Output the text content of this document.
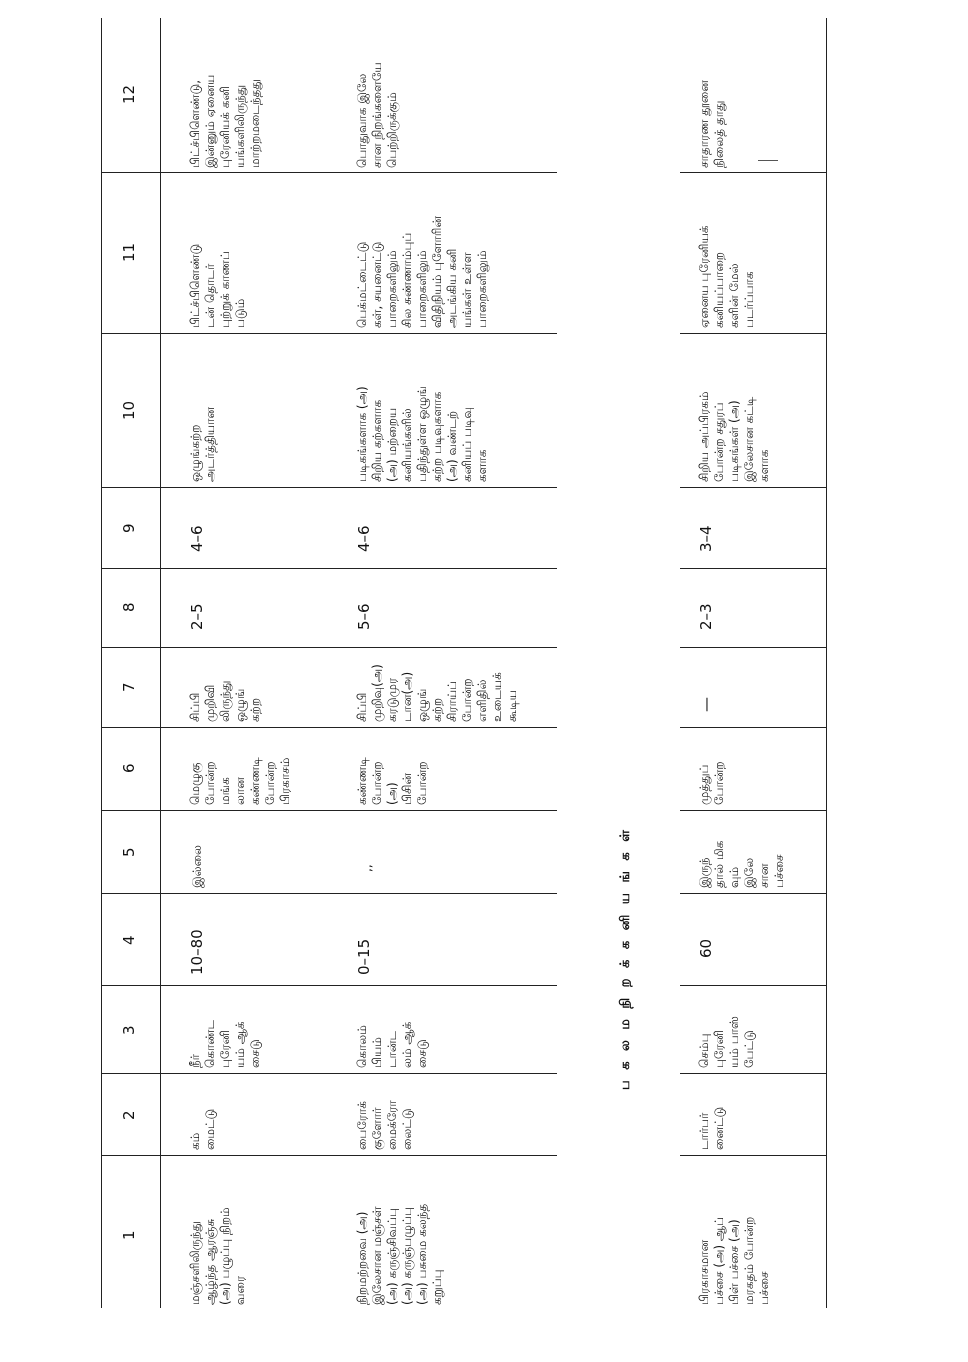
12
11
10
9
8
7
6
5
4
3
2
1
பிட்ச்பிளெண்டு,
இன்னும் ஏனைய
புரேனியக் கனி
யங்களிலிருந்து
மாற்றமடைந்தது
பிட்ச்பிளெண்டு
டன் தொடர்
புற்றுக் காணப்
படும்
ஒழுங்கற்ற
அடர்த்தியான
4–6
2–5
சிப்பி
முறிவி
லிருந்து
ஒழுங்
கற்ற
மெழுகு
போன்ற
மங்க
லான
கண்ணடி
போன்ற
பிரகாசம்
இல்லை
10–80
நீர்
கொண்ட
புரேனி
யம் ஆக்
சைடு
கம்
மைட்டு
மஞ்சளிலிருந்து
ஆழ்ந்த ஆரஞ்சு
(அ) பழுப்பு நிறம்
வரை
பொதுவாக இலே
சான நிறங்களையே
பெற்றிருக்கும்
பெக்மட்டைட்டு
கள், சயனைட்டு
பாறைகளிலும்
சில சுண்ணாம்புப்
பாறைகளிலும்
விதிநியம் புளோரின்
அடங்கிய கனி
யங்கள் உள்ள
பாறைகளிலும்
படிகங்களாக (அ)
சிறிய கற்களாக
(அ) மற்றைய
கனியங்களில்
பதிந்துள்ள ஒழுங்
கற்ற படிவுகளாக
(அ) வண்டற்
கனியப் படிவு
களாக
4–6
5–6
சிப்பி
முறிவு(அ)
கரடுமுர
டான(அ)
ஒழுங்
கற்ற
சிராய்ப்
போன்ற
எளிதில்
உடையக்
கூடிய
கண்ணடி
போன்ற
(அ)
பிசின்
போன்ற
,,
0–15
கொலம்
பியம்
டான்ட
லம் ஆக்
சைடு
பைரோக்
குளோர்
மைக்ரோ
லைட்டு
நிறமற்றவை (அ)
இலேசான மஞ்சள்
(அ) கருஞ்சிவப்பு
(அ) கருஞ்பழுப்பு
(அ) பசுமை கலந்த
கறுப்பு
ப க ல ம நி ற க் க னி ய ங் க ள்
சாதாரண தூனை
நிலைத் தாது
ஏனைய புரேனியக்
கனியப்பாறை
களின் மேல்
படர்ப்பாக
சிறிய அப்பிரகம்
போன்ற சதுரப்
படிகங்கள் (அ)
இலேசான கட்டி
களாக
3–4
2–3
—
முத்துப்
போன்ற
இருந்
தால் மிக
வும்
இலே
சான
பச்சை
60
செம்பு
புரேனி
யம் பாஸ்
பேட்டு
டார்பர்
னைட்டு
பிரகாசமான
பச்சை (அ) ஆப்
பிள் பச்சை (அ)
மரகதம் போன்ற
பச்சை
